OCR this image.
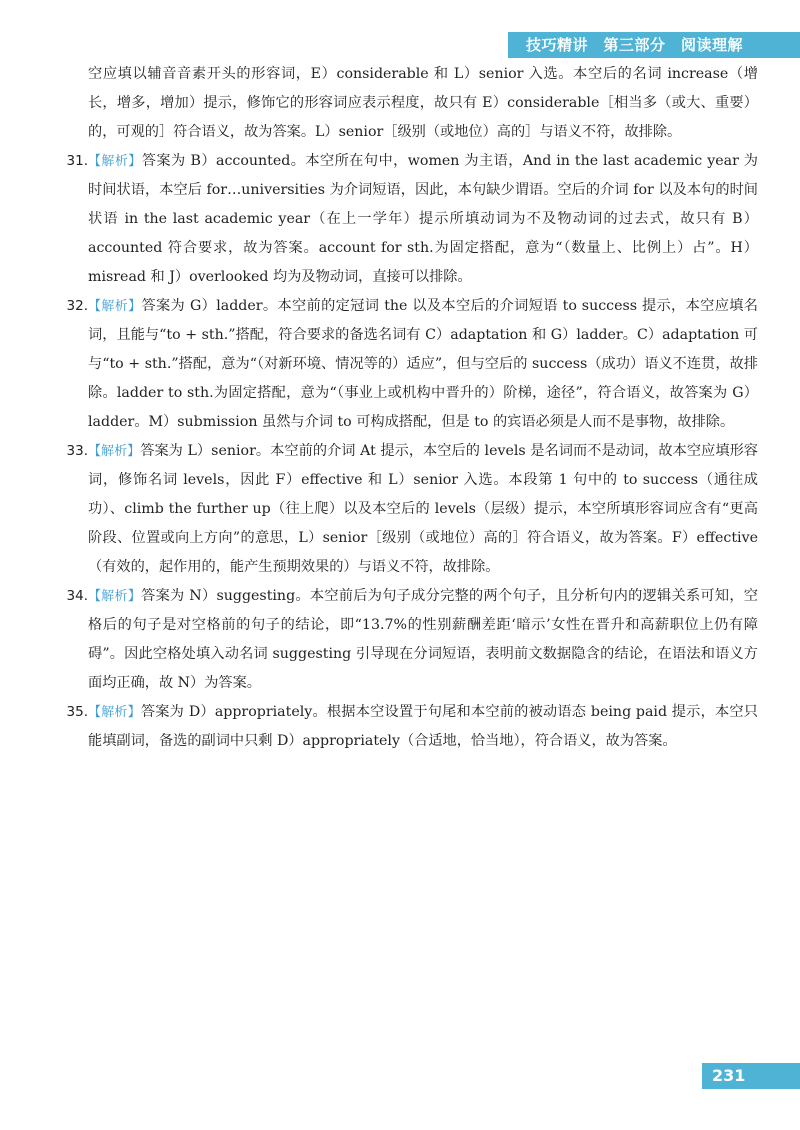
技巧精讲　第三部分　阅读理解

空应填以辅音音素开头的形容词，E）considerable 和 L）senior 入选。本空后的名词 increase（增长，增多，增加）提示，修饰它的形容词应表示程度，故只有 E）considerable［相当多（或大、重要）的，可观的］符合语义，故为答案。L）senior［级别（或地位）高的］与语义不符，故排除。

31. 【解析】答案为 B）accounted。本空所在句中，women 为主语，And in the last academic year 为时间状语，本空后 for…universities 为介词短语，因此，本句缺少谓语。空后的介词 for 以及本句的时间状语 in the last academic year（在上一学年）提示所填动词为不及物动词的过去式，故只有 B）accounted 符合要求，故为答案。account for sth.为固定搭配，意为“（数量上、比例上）占”。H）misread 和 J）overlooked 均为及物动词，直接可以排除。
32. 【解析】答案为 G）ladder。本空前的定冠词 the 以及本空后的介词短语 to success 提示，本空应填名词，且能与“to + sth.”搭配，符合要求的备选名词有 C）adaptation 和 G）ladder。C）adaptation 可与“to + sth.”搭配，意为“（对新环境、情况等的）适应”，但与空后的 success（成功）语义不连贯，故排除。ladder to sth.为固定搭配，意为“（事业上或机构中晋升的）阶梯，途径”，符合语义，故答案为 G）ladder。M）submission 虽然与介词 to 可构成搭配，但是 to 的宾语必须是人而不是事物，故排除。
33. 【解析】答案为 L）senior。本空前的介词 At 提示，本空后的 levels 是名词而不是动词，故本空应填形容词，修饰名词 levels，因此 F）effective 和 L）senior 入选。本段第 1 句中的 to success（通往成功）、climb the further up（往上爬）以及本空后的 levels（层级）提示，本空所填形容词应含有“更高阶段、位置或向上方向”的意思，L）senior［级别（或地位）高的］符合语义，故为答案。F）effective（有效的，起作用的，能产生预期效果的）与语义不符，故排除。
34. 【解析】答案为 N）suggesting。本空前后为句子成分完整的两个句子，且分析句内的逻辑关系可知，空格后的句子是对空格前的句子的结论，即“13.7%的性别薪酬差距‘暗示’女性在晋升和高薪职位上仍有障碍”。因此空格处填入动名词 suggesting 引导现在分词短语，表明前文数据隐含的结论，在语法和语义方面均正确，故 N）为答案。
35. 【解析】答案为 D）appropriately。根据本空设置于句尾和本空前的被动语态 being paid 提示，本空只能填副词，备选的副词中只剩 D）appropriately（合适地，恰当地），符合语义，故为答案。
231
